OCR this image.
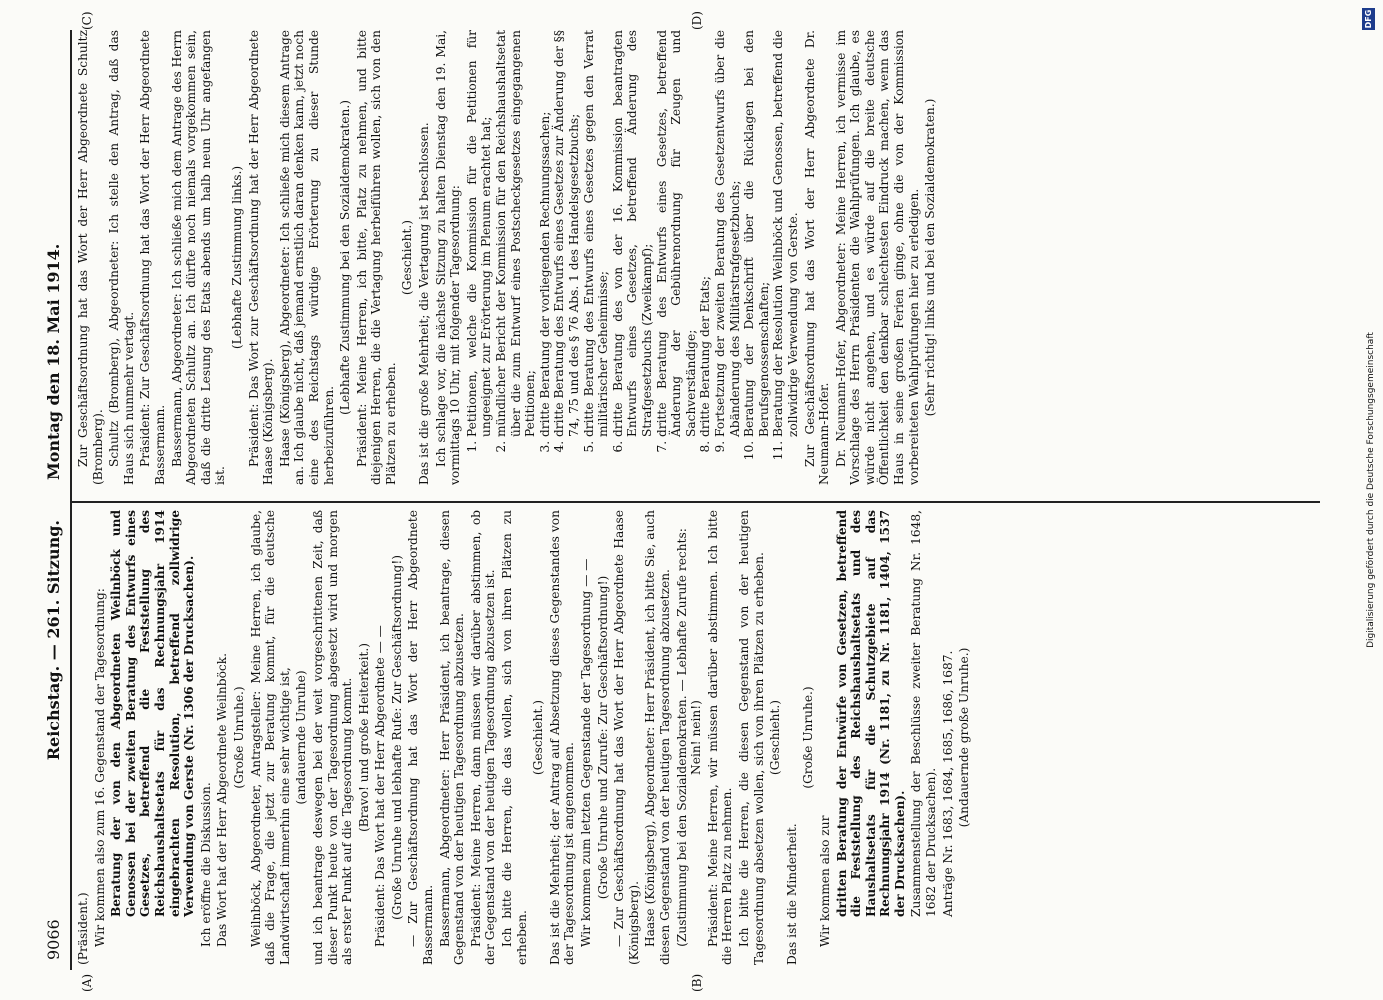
9066
Reichstag. — 261. Sitzung.
Montag den 18. Mai 1914.
(A)	(B)
(C)	(D)

(Präsident.) Wir kommen also zum 16. Gegenstand der Tagesordnung: Beratung der von den Abgeordneten Weilnböck und Genossen bei der zweiten Beratung des Entwurfs eines Gesetzes, betreffend die Feststellung des Reichshaushaltsetats für das Rechnungsjahr 1914 eingebrachten Resolution, betreffend zollwidrige Verwendung von Gerste (Nr. 1306 der Drucksachen). Ich eröffne die Diskussion. Das Wort hat der Herr Abgeordnete Weilnböck. (Große Unruhe.) Weilnböck, Abgeordneter, Antragsteller: Meine Herren, ich glaube, daß die Frage, die jetzt zur Beratung kommt, für die deutsche Landwirtschaft immerhin eine sehr wichtige ist, (andauernde Unruhe) und ich beantrage deswegen bei der weit vorgeschrittenen Zeit, daß dieser Punkt heute von der Tagesordnung abgesetzt wird und morgen als erster Punkt auf die Tagesordnung kommt. (Bravo! und große Heiterkeit.) Präsident: Das Wort hat der Herr Abgeordnete — — (Große Unruhe und lebhafte Rufe: Zur Geschäftsordnung!) — Zur Geschäftsordnung hat das Wort der Herr Abgeordnete Bassermann. Bassermann, Abgeordneter: Herr Präsident, ich beantrage, diesen Gegenstand von der heutigen Tagesordnung abzusetzen. Präsident: Meine Herren, dann müssen wir darüber abstimmen, ob der Gegenstand von der heutigen Tagesordnung abzusetzen ist. Ich bitte die Herren, die das wollen, sich von ihren Plätzen zu erheben.

(Geschieht.) Das ist die Mehrheit; der Antrag auf Absetzung dieses Gegenstandes von der Tagesordnung ist angenommen. Wir kommen zum letzten Gegenstande der Tagesordnung — — (Große Unruhe und Zurufe: Zur Geschäftsordnung!) — Zur Geschäftsordnung hat das Wort der Herr Abgeordnete Haase (Königsberg). Haase (Königsberg), Abgeordneter: Herr Präsident, ich bitte Sie, auch diesen Gegenstand von der heutigen Tagesordnung abzusetzen. (Zustimmung bei den Sozialdemokraten. — Lebhafte Zurufe rechts: Nein! nein!) Präsident: Meine Herren, wir müssen darüber abstimmen. Ich bitte die Herren Platz zu nehmen. Ich bitte die Herren, die diesen Gegenstand von der heutigen Tagesordnung absetzen wollen, sich von ihren Plätzen zu erheben. (Geschieht.)

Das ist die Minderheit.

(Große Unruhe.)

Wir kommen also zur dritten Beratung der Entwürfe von Gesetzen, betreffend die Feststellung des Reichshaushaltsetats und des Haushaltsetats für die Schutzgebiete auf das Rechnungsjahr 1914 (Nr. 1181, zu Nr. 1181, 1404, 1537 der Drucksachen). Zusammenstellung der Beschlüsse zweiter Beratung Nr. 1648, 1682 der Drucksachen). Anträge Nr. 1683, 1684, 1685, 1686, 1687. (Andauernde große Unruhe.)

Zur Geschäftsordnung hat das Wort der Herr Abgeordnete Schultz (Bromberg). Schultz (Bromberg), Abgeordneter: Ich stelle den Antrag, daß das Haus sich nunmehr vertagt. Präsident: Zur Geschäftsordnung hat das Wort der Herr Abgeordnete Bassermann. Bassermann, Abgeordneter: Ich schließe mich dem Antrage des Herrn Abgeordneten Schultz an. Ich dürfte noch niemals vorgekommen sein, daß die dritte Lesung des Etats abends um halb neun Uhr angefangen ist.

(Lebhafte Zustimmung links.) Präsident: Das Wort zur Geschäftsordnung hat der Herr Abgeordnete Haase (Königsberg). Haase (Königsberg), Abgeordneter: Ich schließe mich diesem Antrage an. Ich glaube nicht, daß jemand ernstlich daran denken kann, jetzt noch eine des Reichstags würdige Erörterung zu dieser Stunde herbeizuführen.

(Lebhafte Zustimmung bei den Sozialdemokraten.) Präsident: Meine Herren, ich bitte, Platz zu nehmen, und bitte diejenigen Herren, die die Vertagung herbeiführen wollen, sich von den Plätzen zu erheben.

(Geschieht.) Das ist die große Mehrheit; die Vertagung ist beschlossen. Ich schlage vor, die nächste Sitzung zu halten Dienstag den 19. Mai, vormittags 10 Uhr, mit folgender Tagesordnung: 1. Petitionen, welche die Kommission für die Petitionen für ungeeignet zur Erörterung im Plenum erachtet hat; 2. mündlicher Bericht der Kommission für den Reichshaushaltsetat über die zum Entwurf eines Postscheckgesetzes eingegangenen Petitionen; 3. dritte Beratung der vorliegenden Rechnungssachen; 4. dritte Beratung des Entwurfs eines Gesetzes zur Änderung der §§ 74, 75 und des § 76 Abs. 1 des Handelsgesetzbuchs; 5. dritte Beratung des Entwurfs eines Gesetzes gegen den Verrat militärischer Geheimnisse; 6. dritte Beratung des von der 16. Kommission beantragten Entwurfs eines Gesetzes, betreffend Änderung des Strafgesetzbuchs (Zweikampf); 7. dritte Beratung des Entwurfs eines Gesetzes, betreffend Änderung der Gebührenordnung für Zeugen und Sachverständige; 8. dritte Beratung der Etats; 9. Fortsetzung der zweiten Beratung des Gesetzentwurfs über die Abänderung des Militärstrafgesetzbuchs; 10. Beratung der Denkschrift über die Rücklagen bei den Berufsgenossenschaften; 11. Beratung der Resolution Weilnböck und Genossen, betreffend die zollwidrige Verwendung von Gerste. Zur Geschäftsordnung hat das Wort der Herr Abgeordnete Dr. Neumann-Hofer. Dr. Neumann-Hofer, Abgeordneter: Meine Herren, ich vermisse im Vorschlage des Herrn Präsidenten die Wahlprüfungen. Ich glaube, es würde nicht angehen, und es würde auf die breite deutsche Öffentlichkeit den denkbar schlechtesten Eindruck machen, wenn das Haus in seine großen Ferien ginge, ohne die von der Kommission vorbereiteten Wahlprüfungen hier zu erledigen. (Sehr richtig! links und bei den Sozialdemokraten.)

Digitalisierung gefördert durch die Deutsche Forschungsgemeinschaft
DFG
